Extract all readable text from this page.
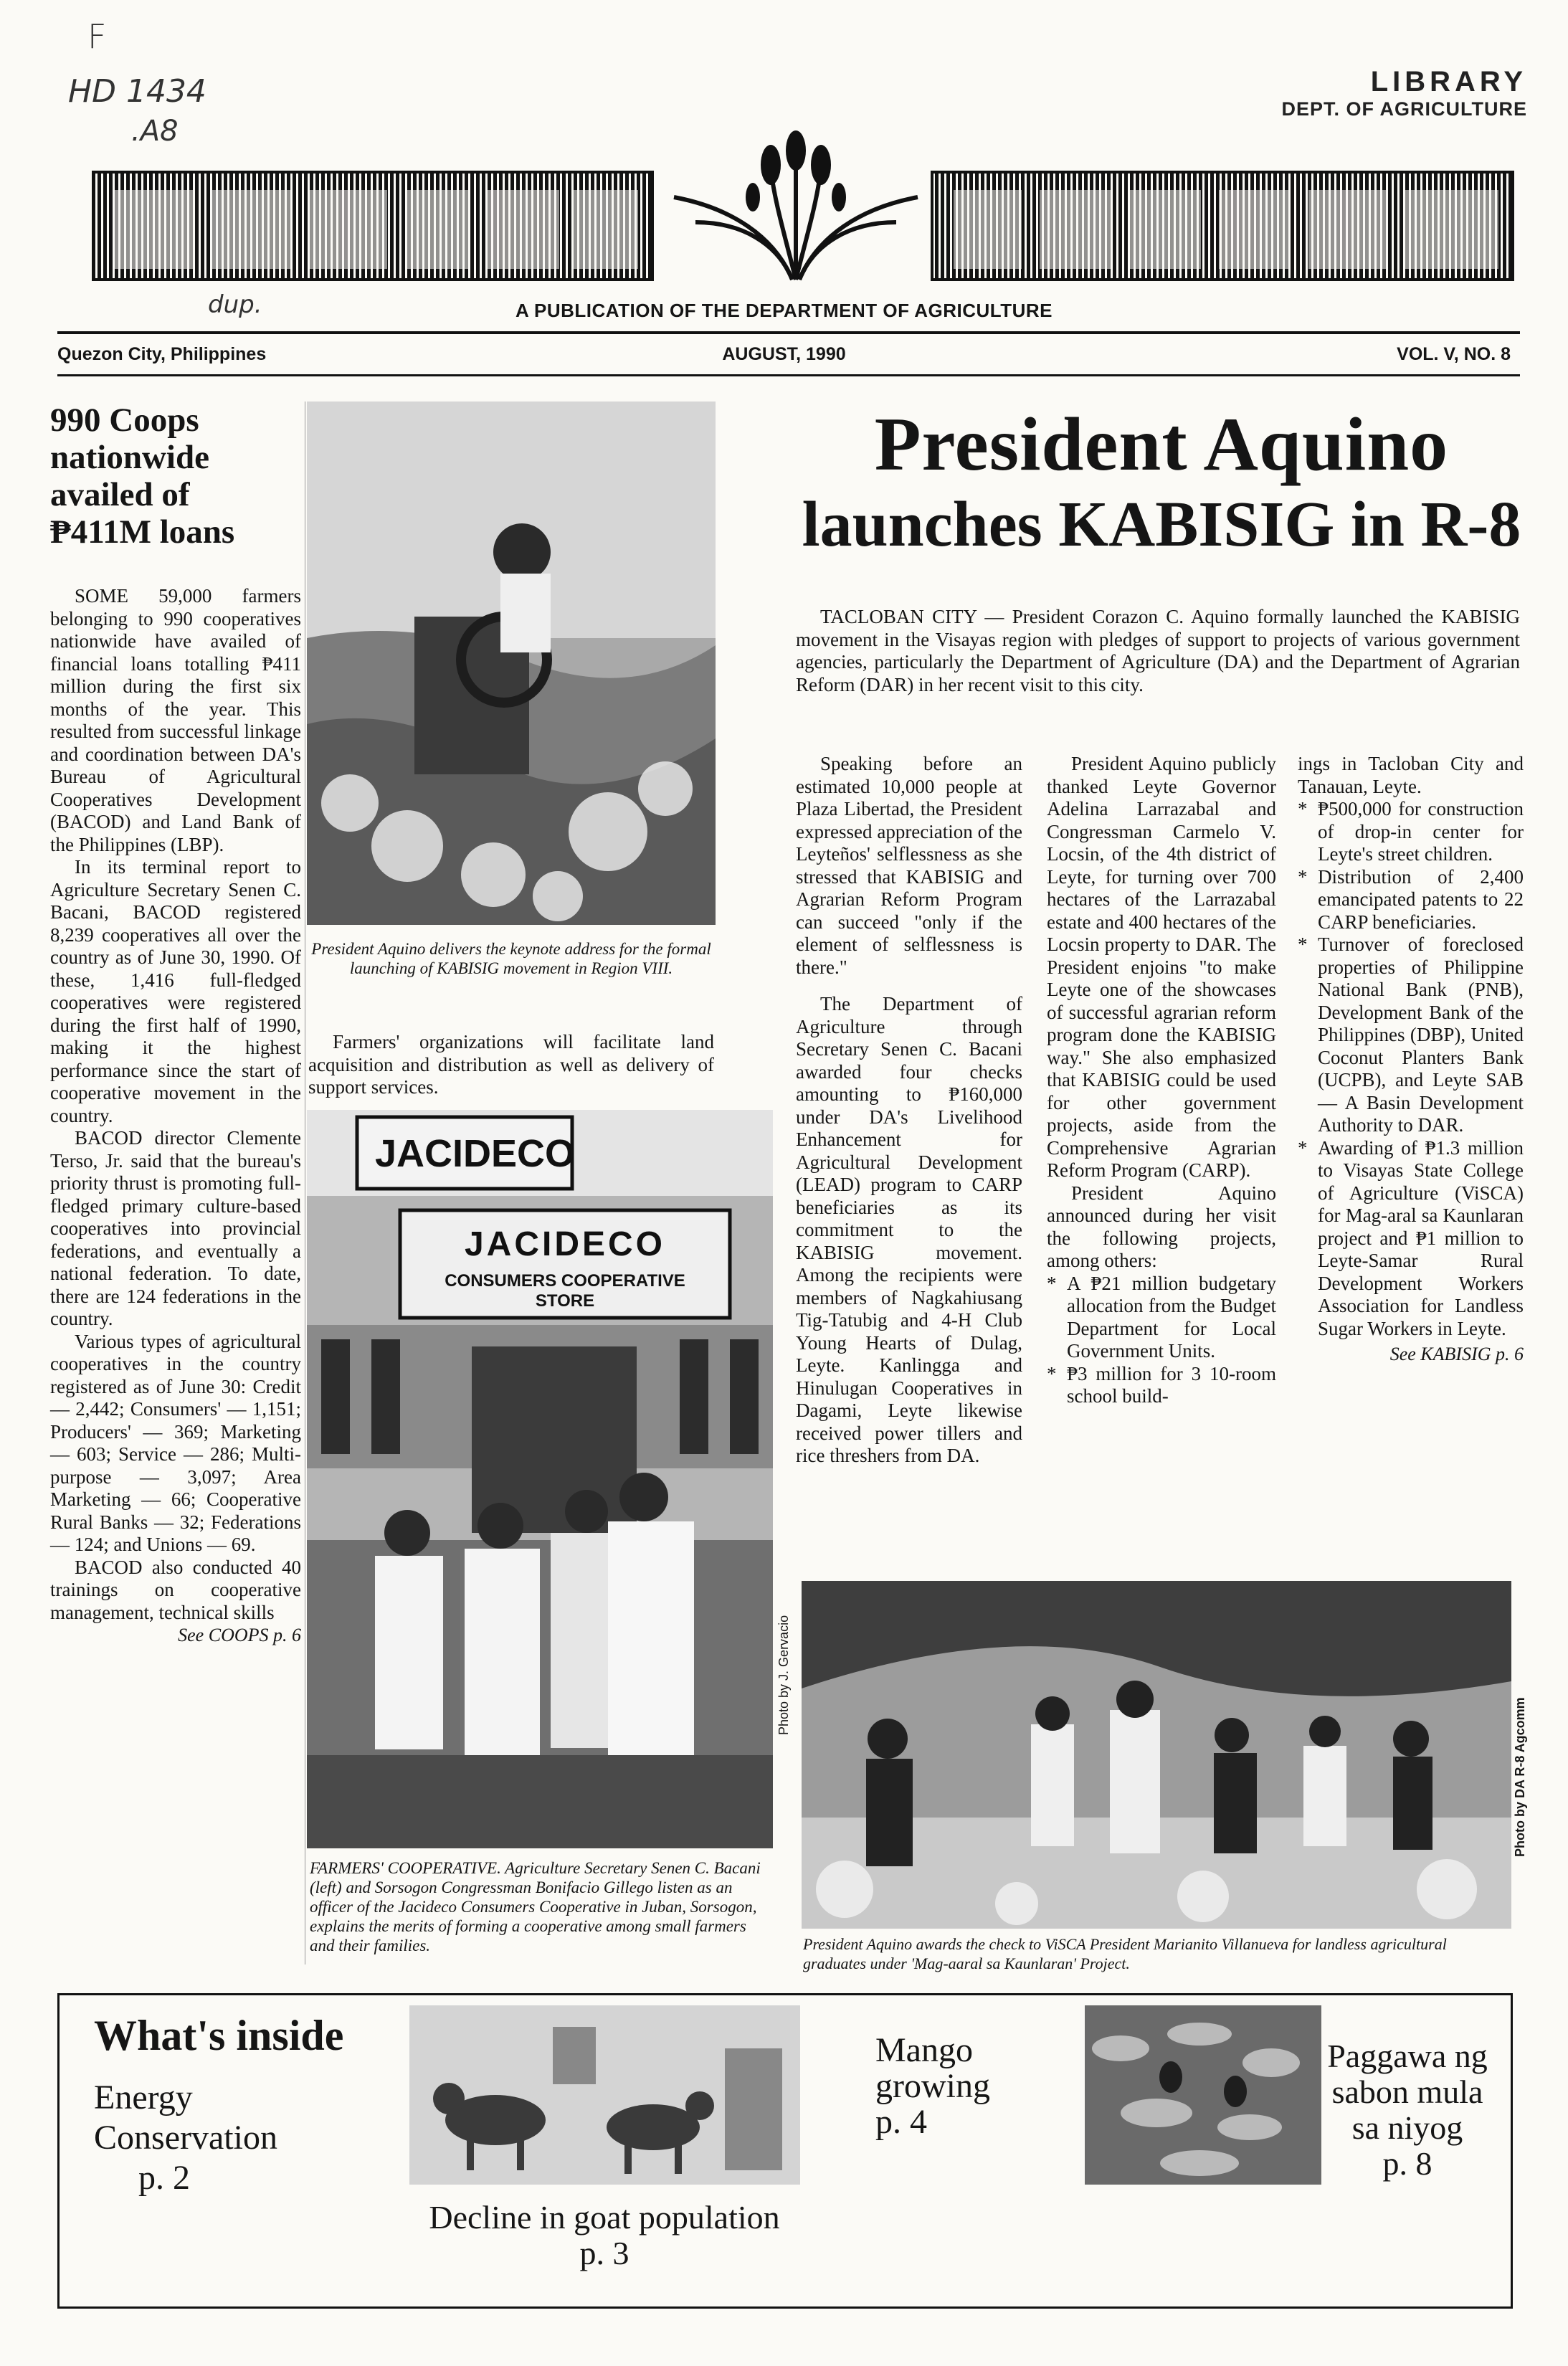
F
HD 1434
.A8
dup.
LIBRARY
DEPT. OF AGRICULTURE
A PUBLICATION OF THE DEPARTMENT OF AGRICULTURE
Quezon City, Philippines	AUGUST, 1990	VOL. V, NO. 8
990 Coops
nationwide
availed of
₱411M loans

SOME 59,000 farmers belonging to 990 cooperatives nationwide have availed of financial loans totalling ₱411 million during the first six months of the year. This resulted from successful linkage and coordination between DA's Bureau of Agricultural Cooperatives Development (BACOD) and Land Bank of the Philippines (LBP).

In its terminal report to Agriculture Secretary Senen C. Bacani, BACOD registered 8,239 cooperatives all over the country as of June 30, 1990. Of these, 1,416 full-fledged cooperatives were registered during the first half of 1990, making it the highest performance since the start of cooperative movement in the country.

BACOD director Clemente Terso, Jr. said that the bureau's priority thrust is promoting full-fledged primary culture-based cooperatives into provincial federations, and eventually a national federation. To date, there are 124 federations in the country.

Various types of agricultural cooperatives in the country registered as of June 30: Credit — 2,442; Consumers' — 1,151; Producers' — 369; Marketing — 603; Service — 286; Multi-purpose — 3,097; Area Marketing — 66; Cooperative Rural Banks — 32; Federations — 124; and Unions — 69.

BACOD also conducted 40 trainings on cooperative management, technical skills

See COOPS p. 6
President Aquino delivers the keynote address for the formal launching of KABISIG movement in Region VIII.

Farmers' organizations will facilitate land acquisition and distribution as well as delivery of support services.

JACIDECO
CONSUMERS COOPERATIVE STORE
JACIDECO
Photo by J. Gervacio
FARMERS' COOPERATIVE. Agriculture Secretary Senen C. Bacani (left) and Sorsogon Congressman Bonifacio Gillego listen as an officer of the Jacideco Consumers Cooperative in Juban, Sorsogon, explains the merits of forming a cooperative among small farmers and their families.
President Aquino
launches KABISIG in R-8

TACLOBAN CITY — President Corazon C. Aquino formally launched the KABISIG movement in the Visayas region with pledges of support to projects of various government agencies, particularly the Department of Agriculture (DA) and the Department of Agrarian Reform (DAR) in her recent visit to this city.

Speaking before an estimated 10,000 people at Plaza Libertad, the President expressed appreciation of the Leyteños' selflessness as she stressed that KABISIG and Agrarian Reform Program can succeed "only if the element of selflessness is there."

The Department of Agriculture through Secretary Senen C. Bacani awarded four checks amounting to ₱160,000 under DA's Livelihood Enhancement for Agricultural Development (LEAD) program to CARP beneficiaries as its commitment to the KABISIG movement. Among the recipients were members of Nagkahiusang Tig-Tatubig and 4-H Club Young Hearts of Dulag, Leyte. Kanlingga and Hinulugan Cooperatives in Dagami, Leyte likewise received power tillers and rice threshers from DA.

President Aquino publicly thanked Leyte Governor Adelina Larrazabal and Congressman Carmelo V. Locsin, of the 4th district of Leyte, for turning over 700 hectares of the Larrazabal estate and 400 hectares of the Locsin property to DAR. The President enjoins "to make Leyte one of the showcases of successful agrarian reform program done the KABISIG way." She also emphasized that KABISIG could be used for other government projects, aside from the Comprehensive Agrarian Reform Program (CARP).

President Aquino announced during her visit the following projects, among others:

* A ₱21 million budgetary allocation from the Budget Department for Local Government Units.

* ₱3 million for 3 10-room school build-

ings in Tacloban City and Tanauan, Leyte.

* ₱500,000 for construction of drop-in center for Leyte's street children.

* Distribution of 2,400 emancipated patents to 22 CARP beneficiaries.

* Turnover of foreclosed properties of Philippine National Bank (PNB), Development Bank of the Philippines (DBP), United Coconut Planters Bank (UCPB), and Leyte SAB — A Basin Development Authority to DAR.

* Awarding of ₱1.3 million to Visayas State College of Agriculture (ViSCA) for Mag-aral sa Kaunlaran project and ₱1 million to Leyte-Samar Rural Development Workers Association for Landless Sugar Workers in Leyte.

See KABISIG p. 6
Photo by DA R-8 Agcomm
President Aquino awards the check to ViSCA President Marianito Villanueva for landless agricultural graduates under 'Mag-aaral sa Kaunlaran' Project.
What's inside
Energy
Conservation
p. 2
Decline in goat population
p. 3
Mango
growing
p. 4
Paggawa ng
sabon mula
sa niyog
p. 8
